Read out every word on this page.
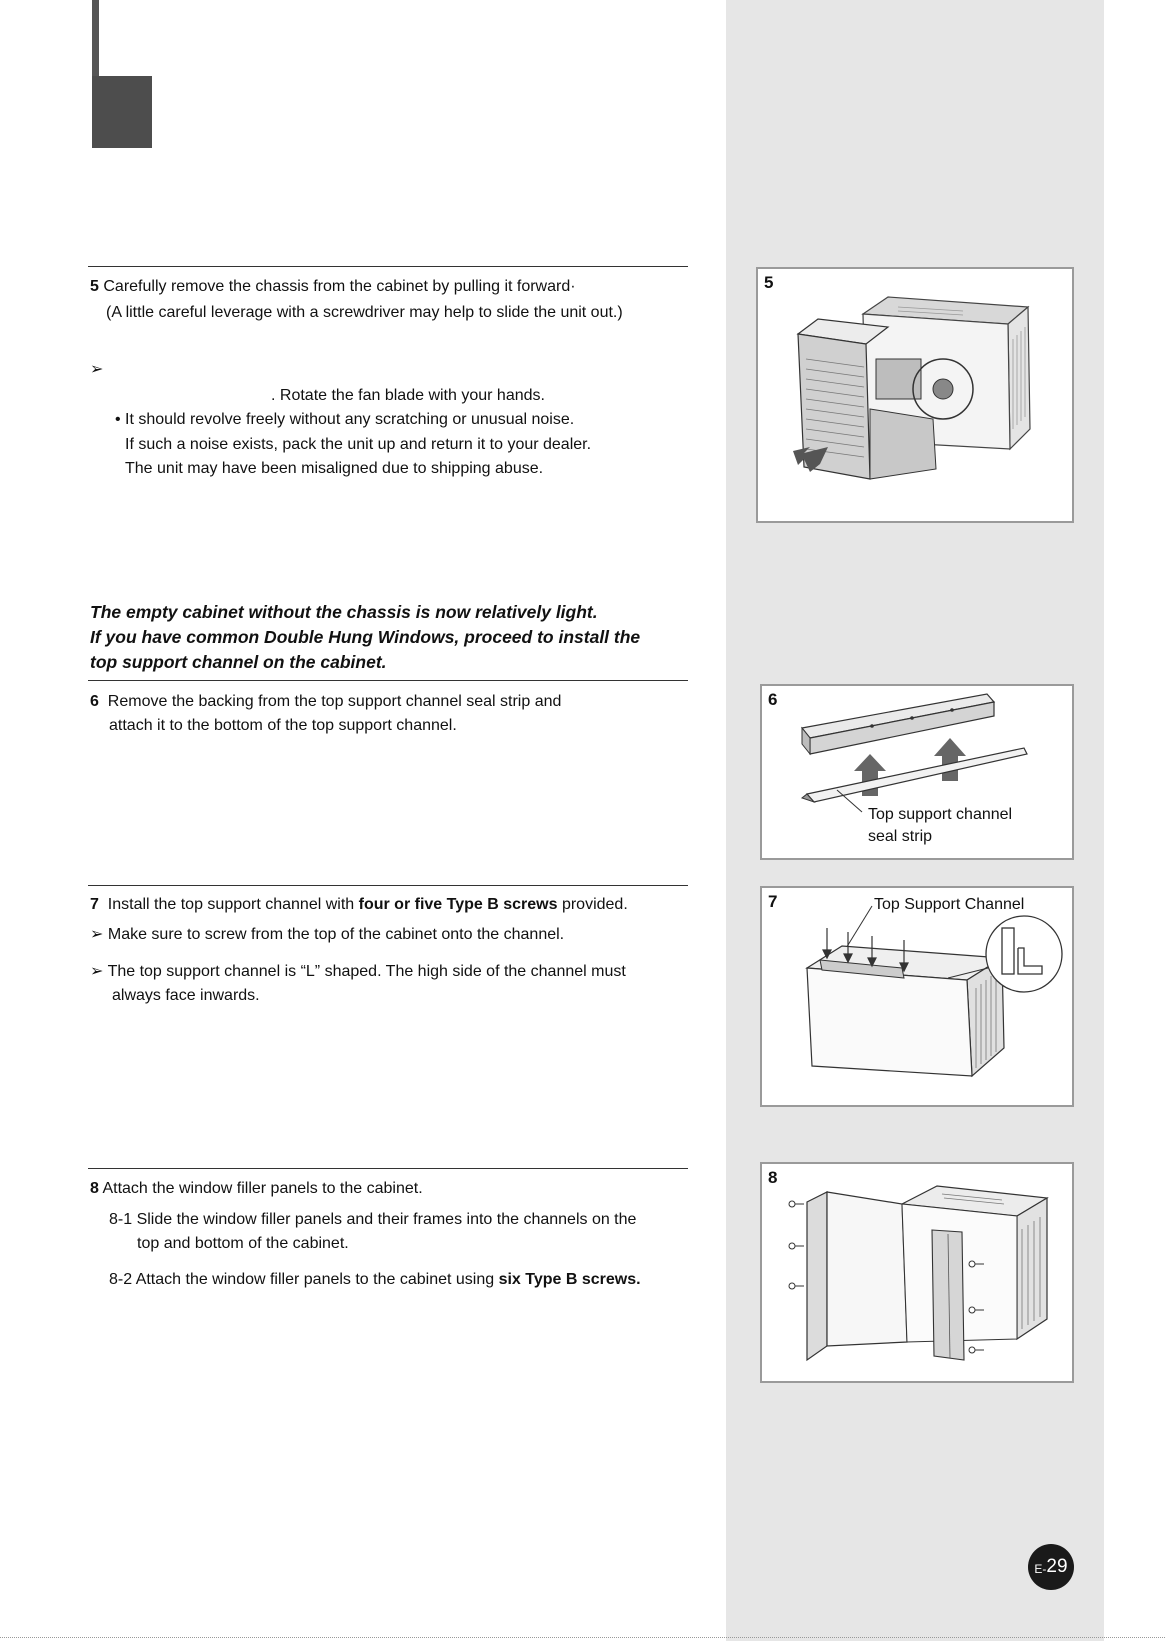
5 Carefully remove the chassis from the cabinet by pulling it forward·
(A little careful leverage with a screwdriver may help to slide the unit out.)
➢
. Rotate the fan blade with your hands.
• It should revolve freely without any scratching or unusual noise.
If such a noise exists, pack the unit up and return it to your dealer.
The unit may have been misaligned due to shipping abuse.
5
The empty cabinet without the chassis is now relatively light.
If you have common Double Hung Windows, proceed to install the
top support channel on the cabinet.
6 Remove the backing from the top support channel seal strip and
attach it to the bottom of the top support channel.
6
Top support channel
seal strip
7 Install the top support channel with four or five Type B screws provided.
➢ Make sure to screw from the top of the cabinet onto the channel.
➢ The top support channel is “L” shaped. The high side of the channel must
always face inwards.
7	Top Support Channel
8 Attach the window filler panels to the cabinet.
8-1 Slide the window filler panels and their frames into the channels on the
top and bottom of the cabinet.
8-2 Attach the window filler panels to the cabinet using six Type B screws.
8
E- 29
